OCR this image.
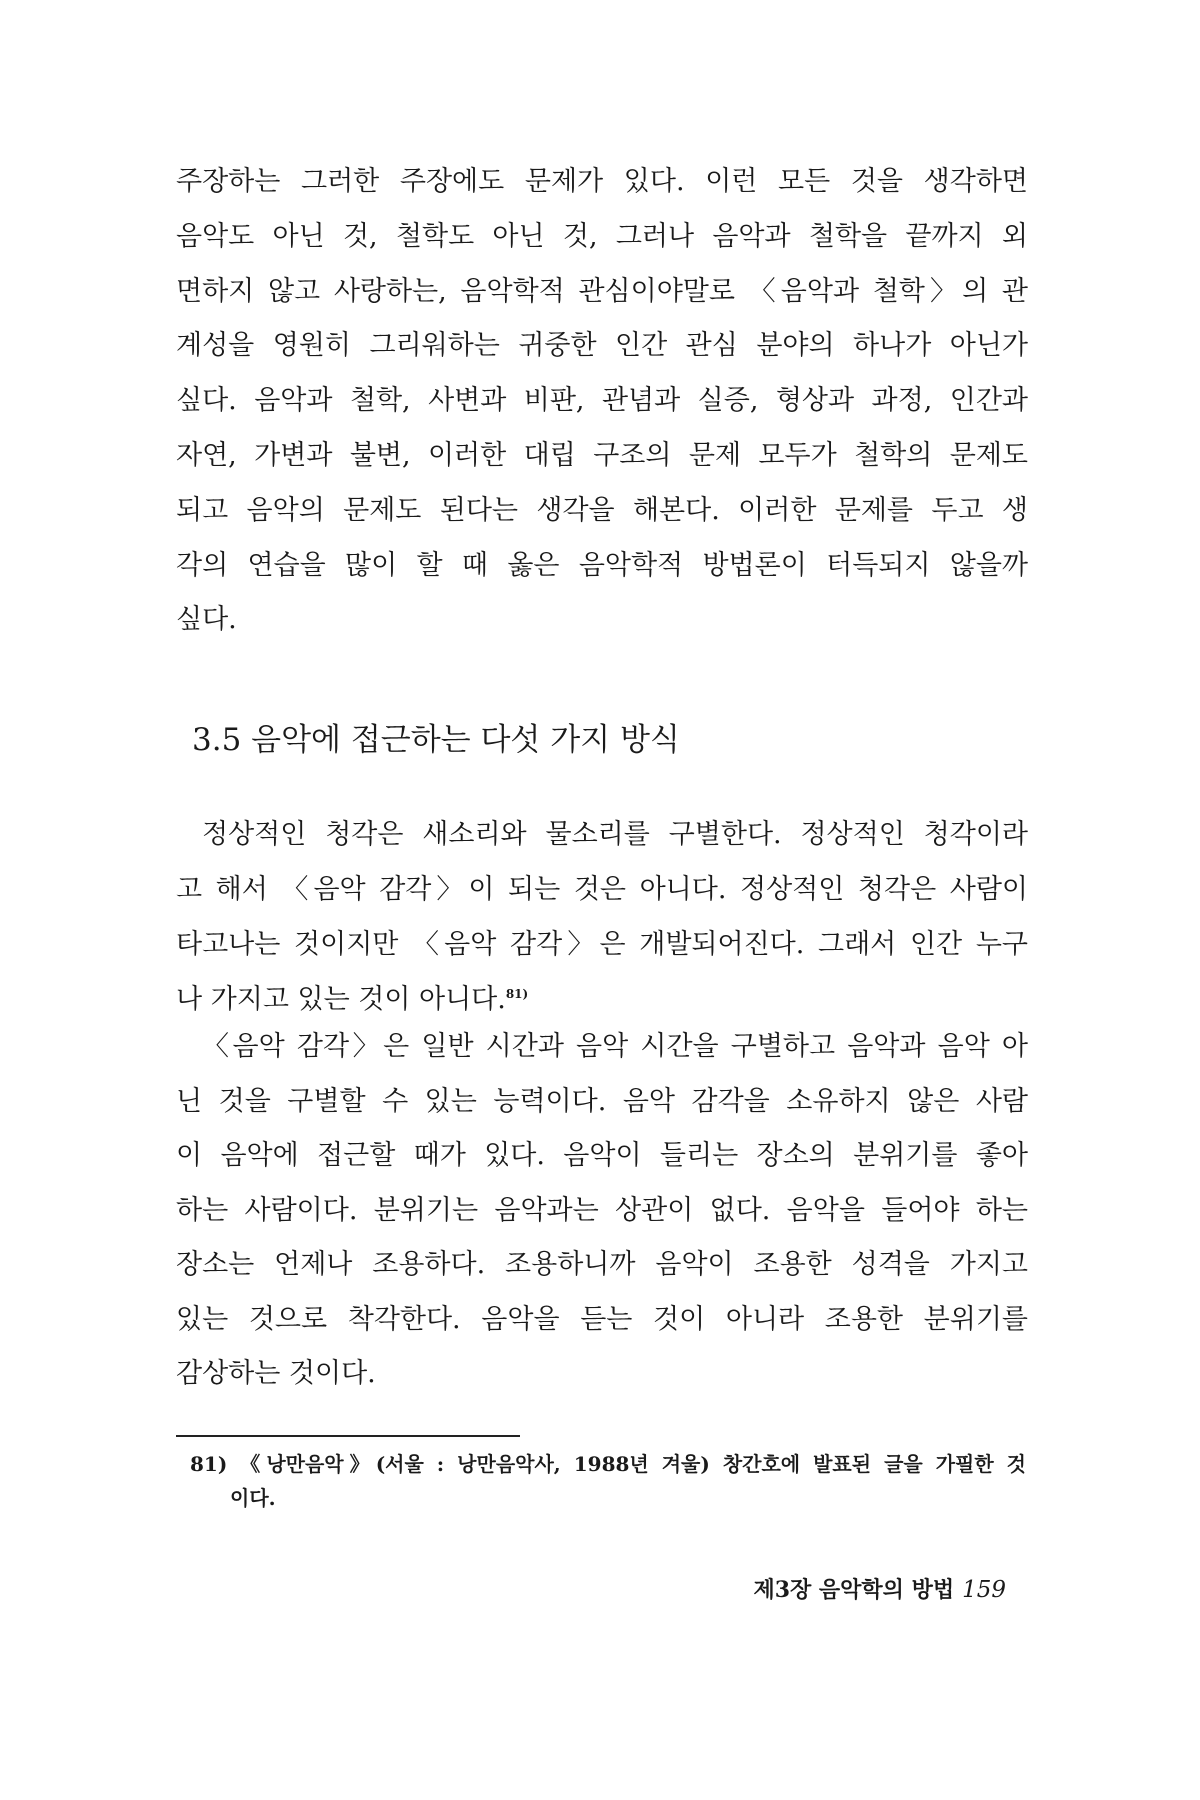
주장하는 그러한 주장에도 문제가 있다. 이런 모든 것을 생각하면
음악도 아닌 것, 철학도 아닌 것, 그러나 음악과 철학을 끝까지 외
면하지 않고 사랑하는, 음악학적 관심이야말로 〈음악과 철학〉의 관
계성을 영원히 그리워하는 귀중한 인간 관심 분야의 하나가 아닌가
싶다. 음악과 철학, 사변과 비판, 관념과 실증, 형상과 과정, 인간과
자연, 가변과 불변, 이러한 대립 구조의 문제 모두가 철학의 문제도
되고 음악의 문제도 된다는 생각을 해본다. 이러한 문제를 두고 생
각의 연습을 많이 할 때 옳은 음악학적 방법론이 터득되지 않을까
싶다.
3.5 음악에 접근하는 다섯 가지 방식
정상적인 청각은 새소리와 물소리를 구별한다. 정상적인 청각이라
고 해서 〈음악 감각〉이 되는 것은 아니다. 정상적인 청각은 사람이
타고나는 것이지만 〈음악 감각〉은 개발되어진다. 그래서 인간 누구
나 가지고 있는 것이 아니다.$^{81)}$
〈음악 감각〉은 일반 시간과 음악 시간을 구별하고 음악과 음악 아
닌 것을 구별할 수 있는 능력이다. 음악 감각을 소유하지 않은 사람
이 음악에 접근할 때가 있다. 음악이 들리는 장소의 분위기를 좋아
하는 사람이다. 분위기는 음악과는 상관이 없다. 음악을 들어야 하는
장소는 언제나 조용하다. 조용하니까 음악이 조용한 성격을 가지고
있는 것으로 착각한다. 음악을 듣는 것이 아니라 조용한 분위기를
감상하는 것이다.
81) 《낭만음악》(서울 : 낭만음악사, 1988년 겨울) 창간호에 발표된 글을 가필한 것
이다.
제3장 음악학의 방법 159
